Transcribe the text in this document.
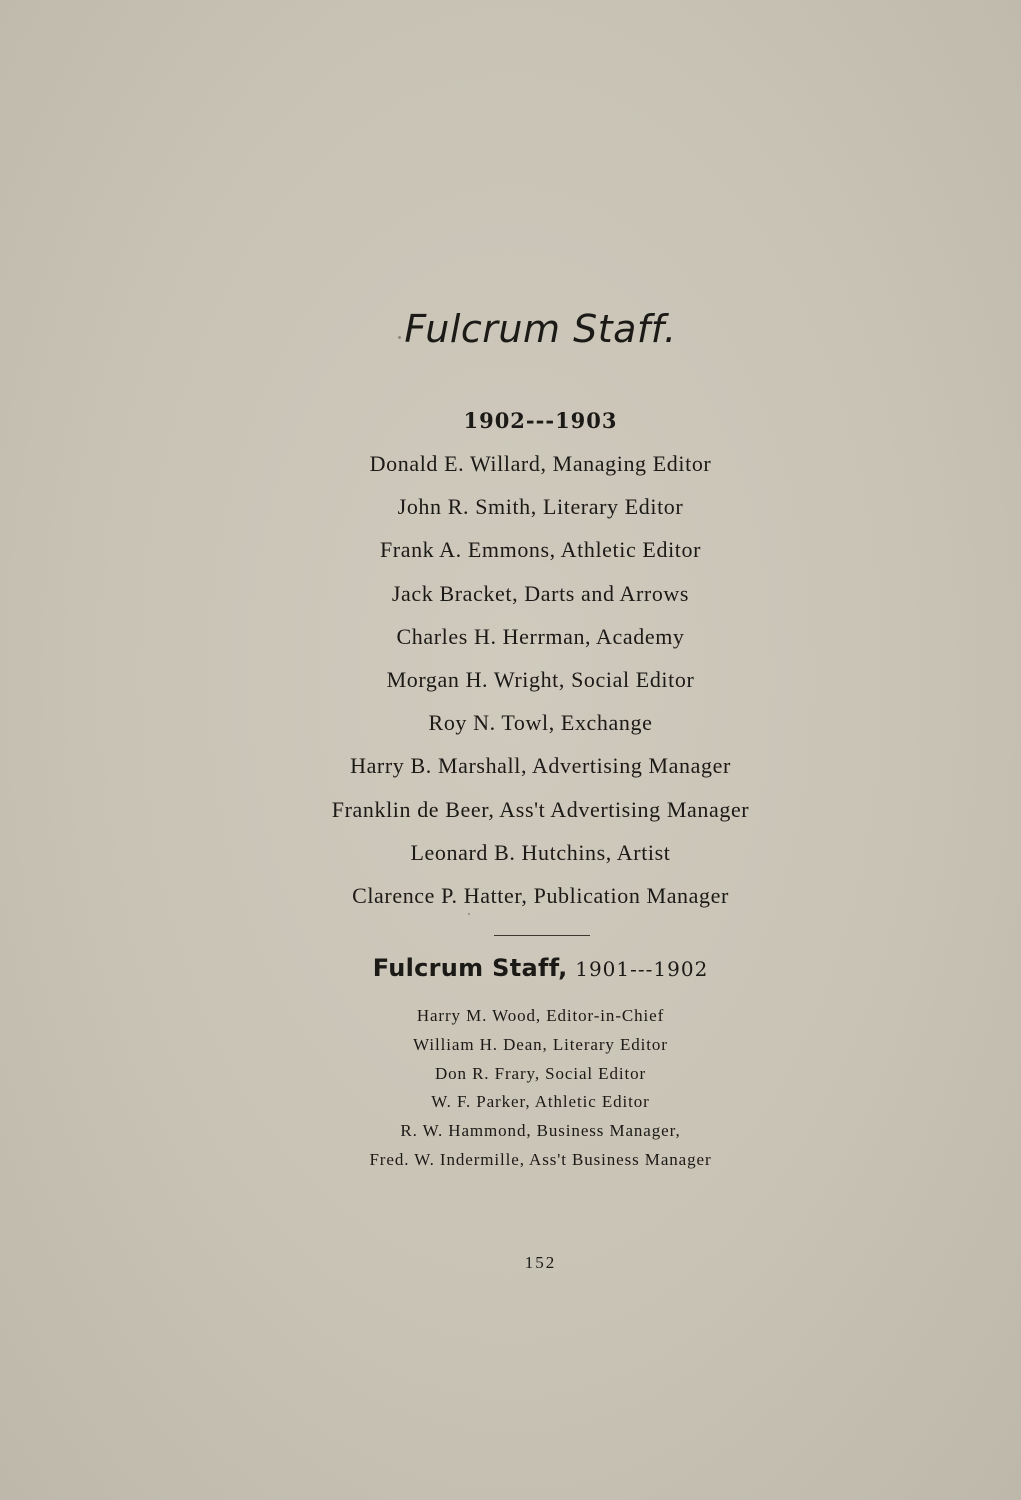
Fulcrum Staff.
1902---1903
Donald E. Willard, Managing Editor
John R. Smith, Literary Editor
Frank A. Emmons, Athletic Editor
Jack Bracket, Darts and Arrows
Charles H. Herrman, Academy
Morgan H. Wright, Social Editor
Roy N. Towl, Exchange
Harry B. Marshall, Advertising Manager
Franklin de Beer, Ass't Advertising Manager
Leonard B. Hutchins, Artist
Clarence P. Hatter, Publication Manager
Fulcrum Staff, 1901---1902
Harry M. Wood, Editor-in-Chief
William H. Dean, Literary Editor
Don R. Frary, Social Editor
W. F. Parker, Athletic Editor
R. W. Hammond, Business Manager,
Fred. W. Indermille, Ass't Business Manager
152
